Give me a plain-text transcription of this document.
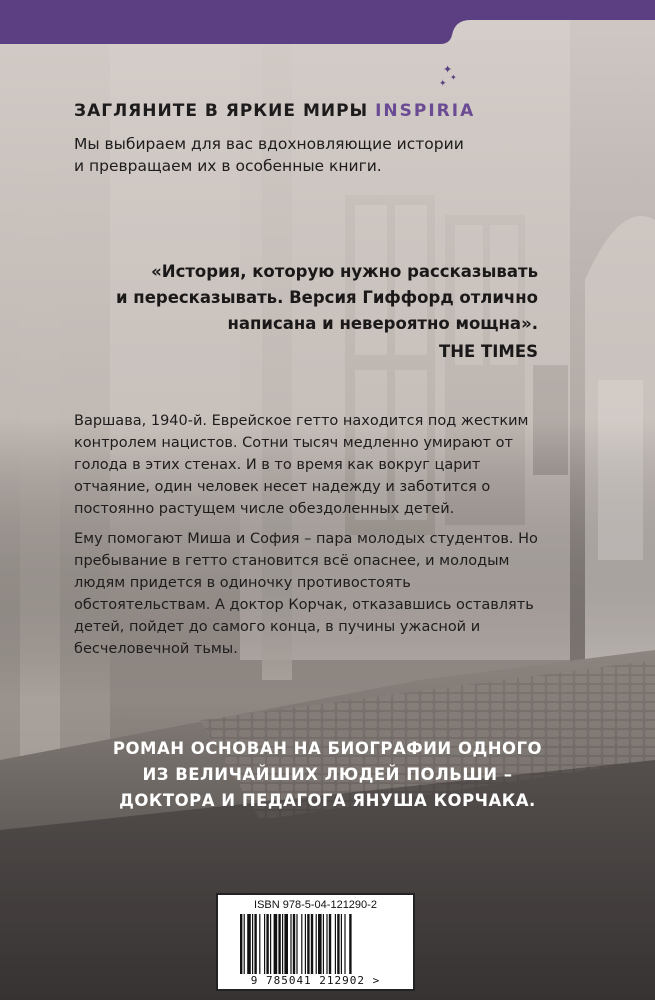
✦
✦
✦
ЗАГЛЯНИТЕ В ЯРКИЕ МИРЫ INSPIRIA
Мы выбираем для вас вдохновляющие истории
и превращаем их в особенные книги.
«История, которую нужно рассказывать
и пересказывать. Версия Гиффорд отлично
написана и невероятно мощна».
THE TIMES

Варшава, 1940-й. Еврейское гетто находится под жестким контролем нацистов. Сотни тысяч медленно умирают от голода в этих стенах. И в то время как вокруг царит отчаяние, один человек несет надежду и заботится о постоянно растущем числе обездоленных детей.

Ему помогают Миша и София – пара молодых студентов. Но пребывание в гетто становится всё опаснее, и молодым людям придется в одиночку противостоять обстоятельствам. А доктор Корчак, отказавшись оставлять детей, пойдет до самого конца, в пучины ужасной и бесчеловечной тьмы.

РОМАН ОСНОВАН НА БИОГРАФИИ ОДНОГО
ИЗ ВЕЛИЧАЙШИХ ЛЮДЕЙ ПОЛЬШИ –
ДОКТОРА И ПЕДАГОГА ЯНУША КОРЧАКА.
ISBN 978-5-04-121290-2
9 785041 212902 >
